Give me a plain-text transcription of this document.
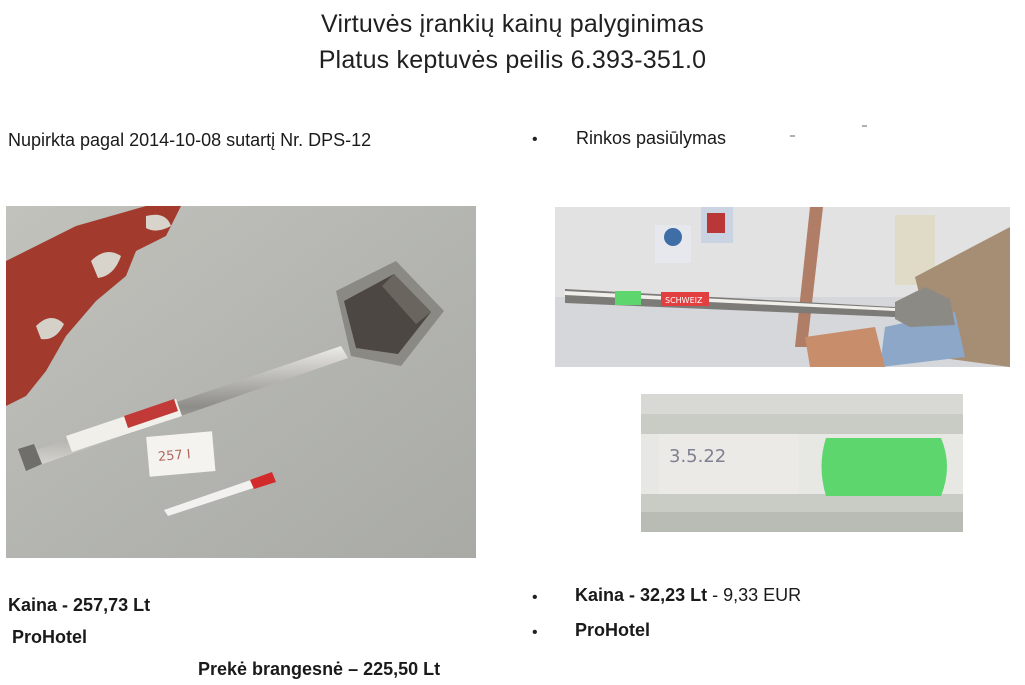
Virtuvės įrankių kainų palyginimas
Platus keptuvės peilis 6.393-351.0
Nupirkta pagal 2014-10-08 sutartį Nr. DPS-12	• Rinkos pasiūlymas
257 I
SCHWEIZ
3.5.22
Kaina - 257,73 Lt
ProHotel
Prekė brangesnė – 225,50 Lt
• Kaina - 32,23 Lt - 9,33 EUR
• ProHotel
